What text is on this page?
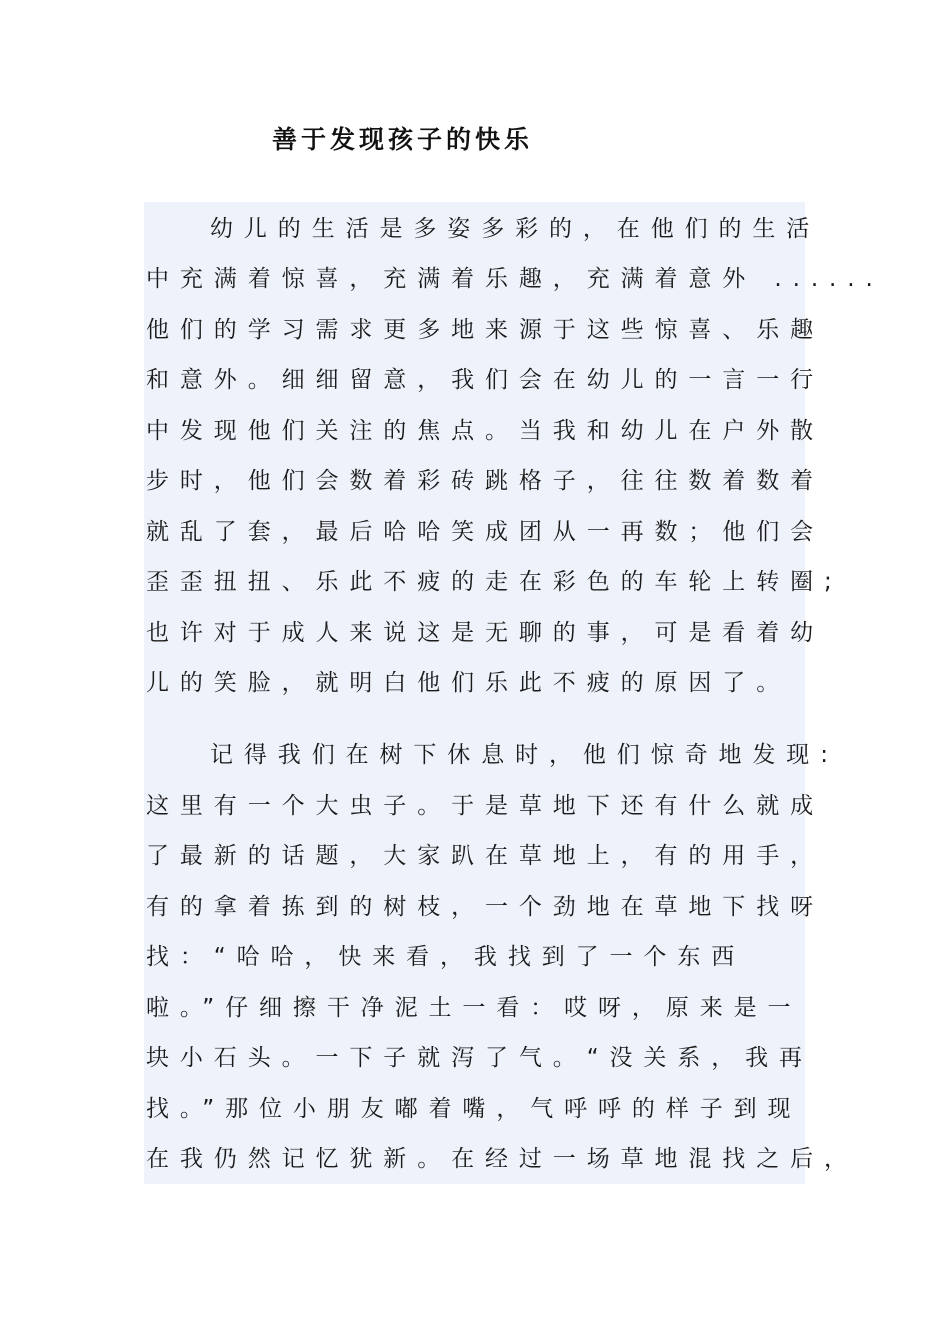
善于发现孩子的快乐
幼儿的生活是多姿多彩的，在他们的生活
中充满着惊喜，充满着乐趣，充满着意外 ......
他们的学习需求更多地来源于这些惊喜、乐趣
和意外。细细留意，我们会在幼儿的一言一行
中发现他们关注的焦点。当我和幼儿在户外散
步时，他们会数着彩砖跳格子，往往数着数着
就乱了套，最后哈哈笑成团从一再数；他们会
歪歪扭扭、乐此不疲的走在彩色的车轮上转圈;
也许对于成人来说这是无聊的事，可是看着幼
儿的笑脸，就明白他们乐此不疲的原因了。
记得我们在树下休息时，他们惊奇地发现:
这里有一个大虫子。于是草地下还有什么就成
了最新的话题，大家趴在草地上，有的用手，
有的拿着拣到的树枝，一个劲地在草地下找呀
找：“哈哈，快来看，我找到了一个东西
啦。”仔细擦干净泥土一看：哎呀，原来是一
块小石头。一下子就泻了气。“没关系，我再
找。”那位小朋友嘟着嘴，气呼呼的样子到现
在我仍然记忆犹新。在经过一场草地混找之后，
